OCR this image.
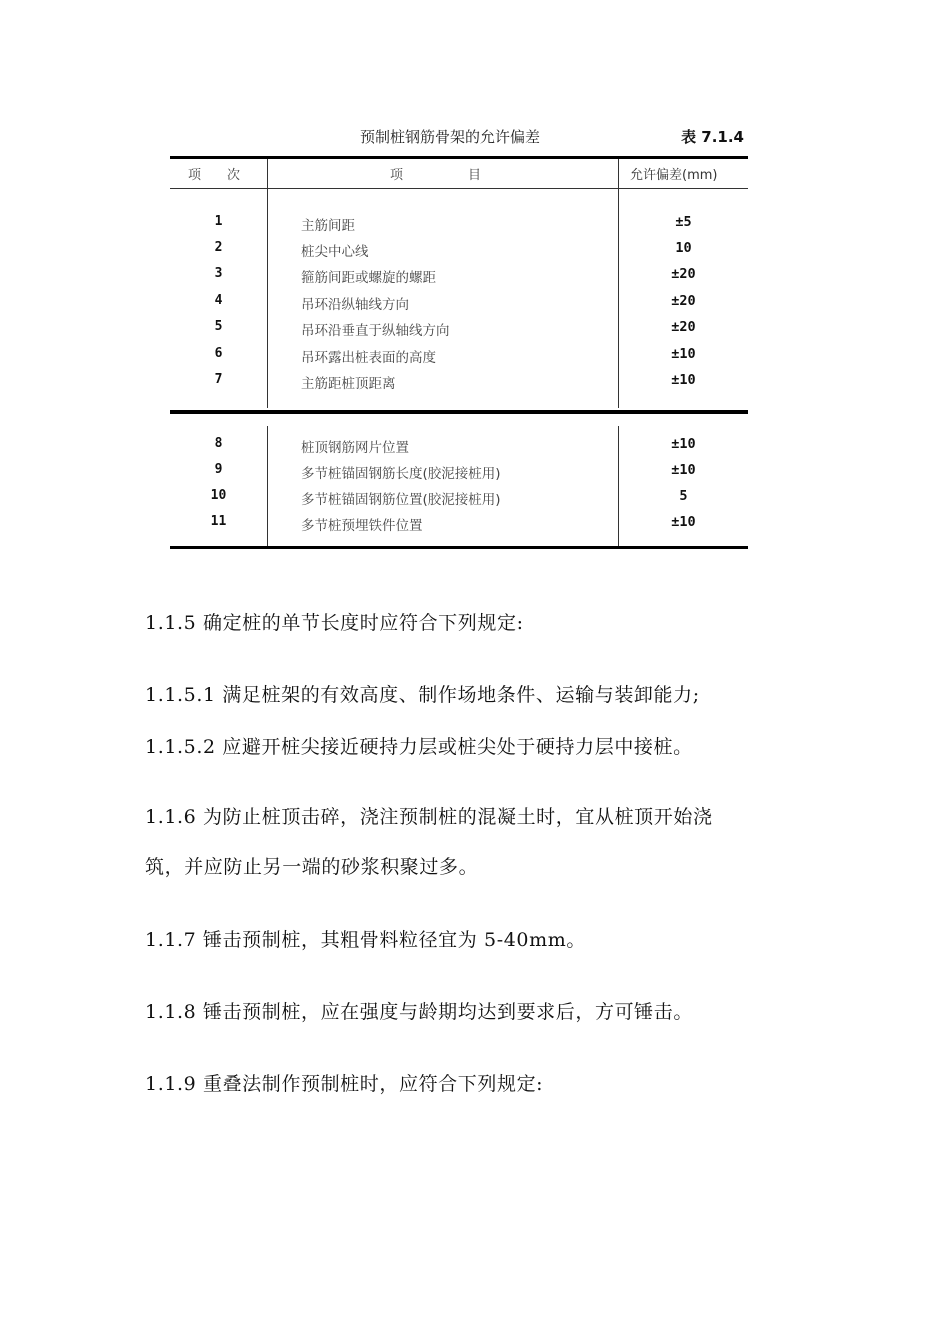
预制桩钢筋骨架的允许偏差	表 7.1.4
项　　次	项　　　　　目	允许偏差(mm)
1	主筋间距	±5
2	桩尖中心线	10
3	箍筋间距或螺旋的螺距	±20
4	吊环沿纵轴线方向	±20
5	吊环沿垂直于纵轴线方向	±20
6	吊环露出桩表面的高度	±10
7	主筋距桩顶距离	±10
8	桩顶钢筋网片位置	±10
9	多节桩锚固钢筋长度(胶泥接桩用)	±10
10	多节桩锚固钢筋位置(胶泥接桩用)	5
11	多节桩预埋铁件位置	±10
1.1.5 确定桩的单节长度时应符合下列规定:
1.1.5.1 满足桩架的有效高度、制作场地条件、运输与装卸能力;
1.1.5.2 应避开桩尖接近硬持力层或桩尖处于硬持力层中接桩。
1.1.6 为防止桩顶击碎，浇注预制桩的混凝土时，宜从桩顶开始浇
筑，并应防止另一端的砂浆积聚过多。
1.1.7 锤击预制桩，其粗骨料粒径宜为 5-40mm。
1.1.8 锤击预制桩，应在强度与龄期均达到要求后，方可锤击。
1.1.9 重叠法制作预制桩时，应符合下列规定:
